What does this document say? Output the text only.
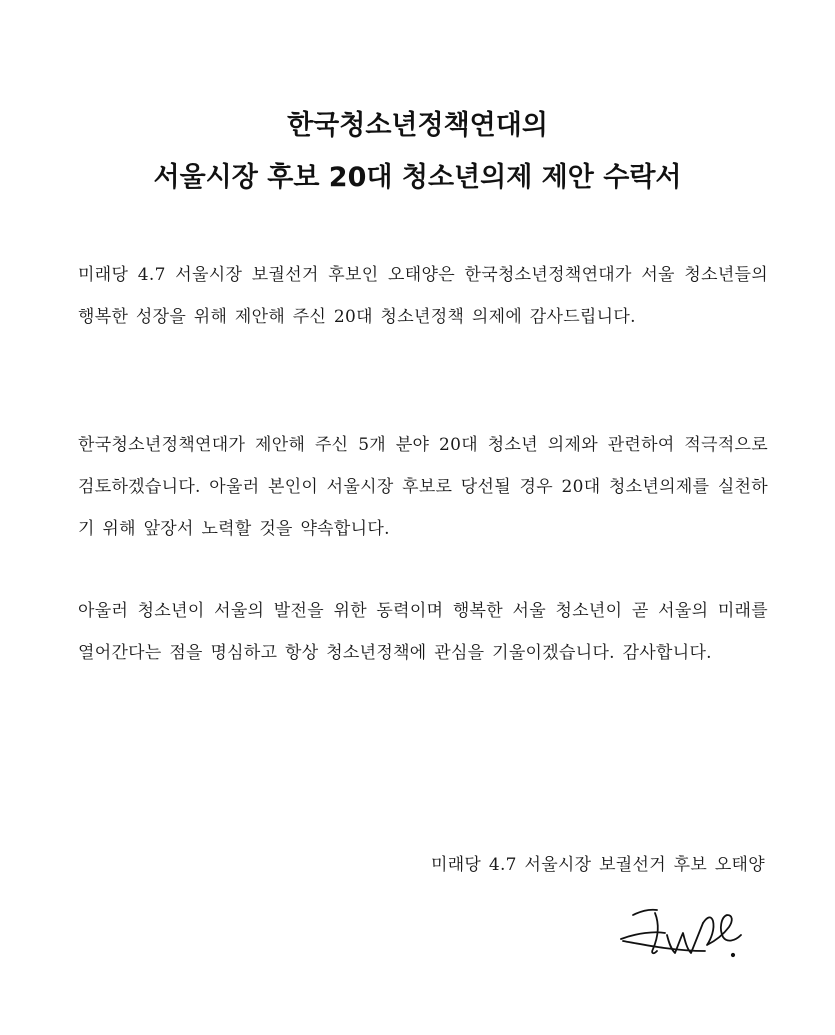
한국청소년정책연대의
서울시장 후보 20대 청소년의제 제안 수락서
미래당 4.7 서울시장 보궐선거 후보인 오태양은 한국청소년정책연대가 서울 청소년들의 행복한 성장을 위해 제안해 주신 20대 청소년정책 의제에 감사드립니다.
한국청소년정책연대가 제안해 주신 5개 분야 20대 청소년 의제와 관련하여 적극적으로 검토하겠습니다. 아울러 본인이 서울시장 후보로 당선될 경우 20대 청소년의제를 실천하기 위해 앞장서 노력할 것을 약속합니다.
아울러 청소년이 서울의 발전을 위한 동력이며 행복한 서울 청소년이 곧 서울의 미래를 열어간다는 점을 명심하고 항상 청소년정책에 관심을 기울이겠습니다. 감사합니다.
미래당 4.7 서울시장 보궐선거 후보 오태양
